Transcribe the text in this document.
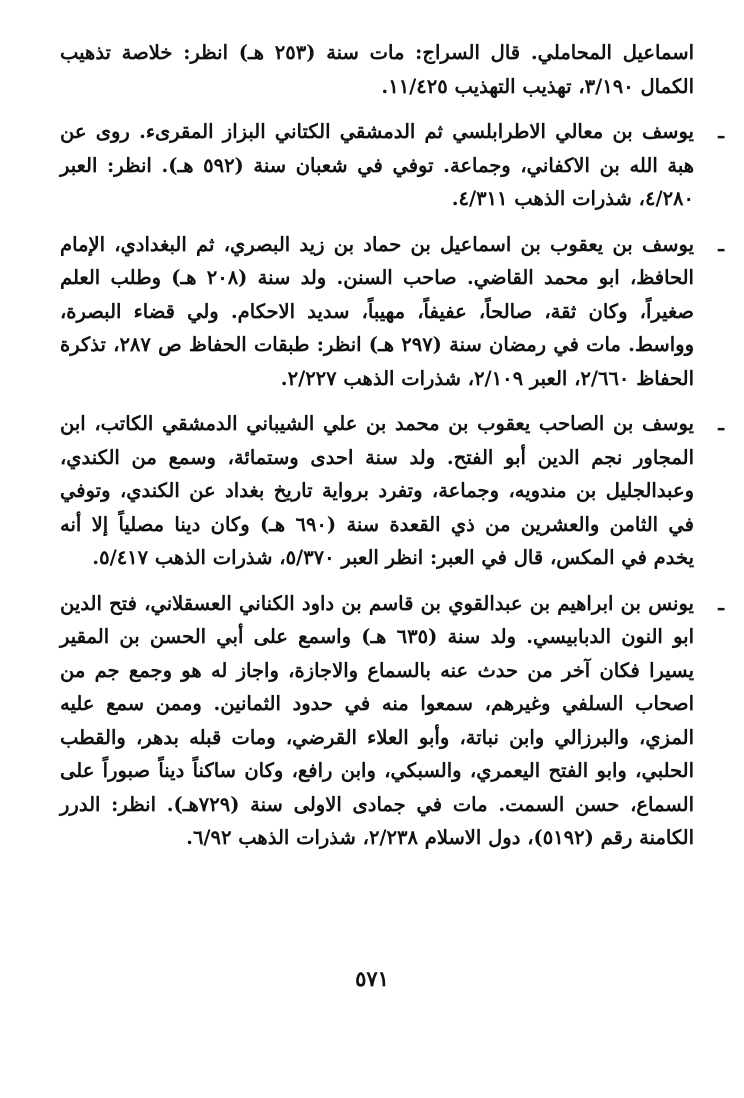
اسماعيل المحاملي. قال السراج: مات سنة (٢٥٣ هـ) انظر: خلاصة تذهيب الكمال ٣/١٩٠، تهذيب التهذيب ١١/٤٢٥.
ـ
يوسف بن معالي الاطرابلسي ثم الدمشقي الكتاني البزاز المقرىء. روى عن هبة الله بن الاكفاني، وجماعة. توفي في شعبان سنة (٥٩٢ هـ). انظر: العبر ٤/٢٨٠، شذرات الذهب ٤/٣١١.
ـ
يوسف بن يعقوب بن اسماعيل بن حماد بن زيد البصري، ثم البغدادي، الإمام الحافظ، ابو محمد القاضي. صاحب السنن. ولد سنة (٢٠٨ هـ) وطلب العلم صغيراً، وكان ثقة، صالحاً، عفيفاً، مهيباً، سديد الاحكام. ولي قضاء البصرة، وواسط. مات في رمضان سنة (٢٩٧ هـ) انظر: طبقات الحفاظ ص ٢٨٧، تذكرة الحفاظ ٢/٦٦٠، العبر ٢/١٠٩، شذرات الذهب ٢/٢٢٧.
ـ
يوسف بن الصاحب يعقوب بن محمد بن علي الشيباني الدمشقي الكاتب، ابن المجاور نجم الدين أبو الفتح. ولد سنة احدى وستمائة، وسمع من الكندي، وعبدالجليل بن مندويه، وجماعة، وتفرد برواية تاريخ بغداد عن الكندي، وتوفي في الثامن والعشرين من ذي القعدة سنة (٦٩٠ هـ) وكان دينا مصلياً إلا أنه يخدم في المكس، قال في العبر: انظر العبر ٥/٣٧٠، شذرات الذهب ٥/٤١٧.
ـ
يونس بن ابراهيم بن عبدالقوي بن قاسم بن داود الكناني العسقلاني، فتح الدين ابو النون الدبابيسي. ولد سنة (٦٣٥ هـ) واسمع على أبي الحسن بن المقير يسيرا فكان آخر من حدث عنه بالسماع والاجازة، واجاز له هو وجمع جم من اصحاب السلفي وغيرهم، سمعوا منه في حدود الثمانين. وممن سمع عليه المزي، والبرزالي وابن نباتة، وأبو العلاء القرضي، ومات قبله بدهر، والقطب الحلبي، وابو الفتح اليعمري، والسبكي، وابن رافع، وكان ساكناً ديناً صبوراً على السماع، حسن السمت. مات في جمادى الاولى سنة (٧٢٩هـ). انظر: الدرر الكامنة رقم (٥١٩٢)، دول الاسلام ٢/٢٣٨، شذرات الذهب ٦/٩٢.
٥٧١
